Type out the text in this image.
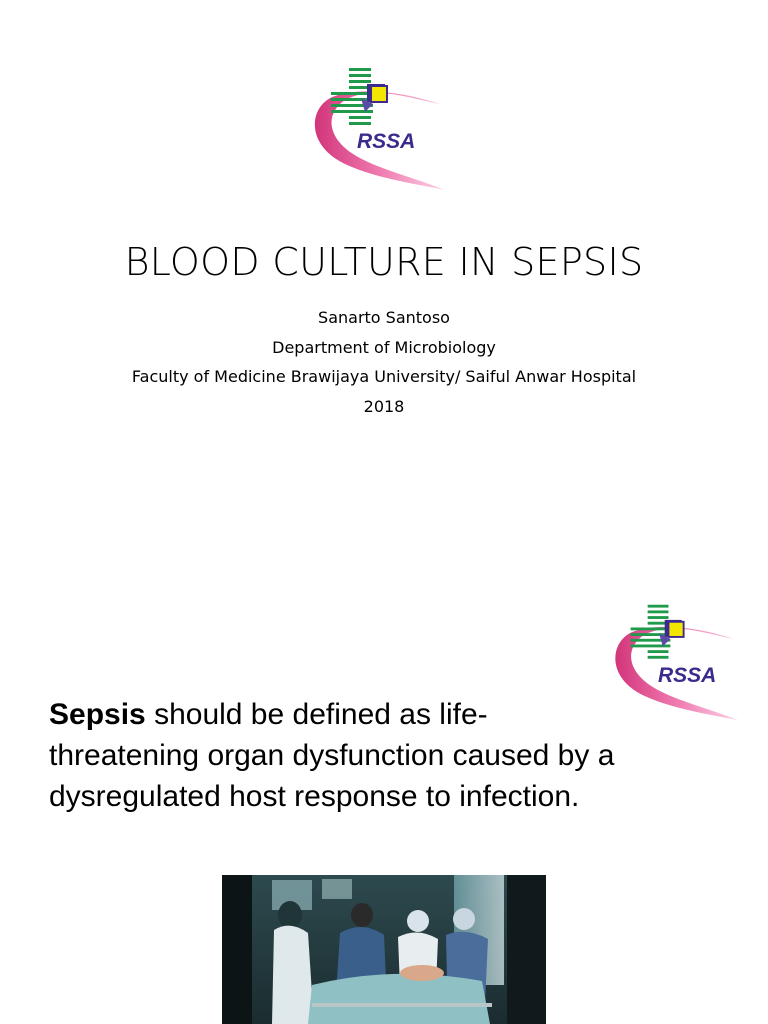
RSSA
BLOOD CULTURE IN SEPSIS
Sanarto Santoso
Department of Microbiology
Faculty of Medicine Brawijaya University/ Saiful Anwar Hospital
2018
RSSA
Sepsis should be defined as life-
threatening organ dysfunction caused by a
dysregulated host response to infection.
